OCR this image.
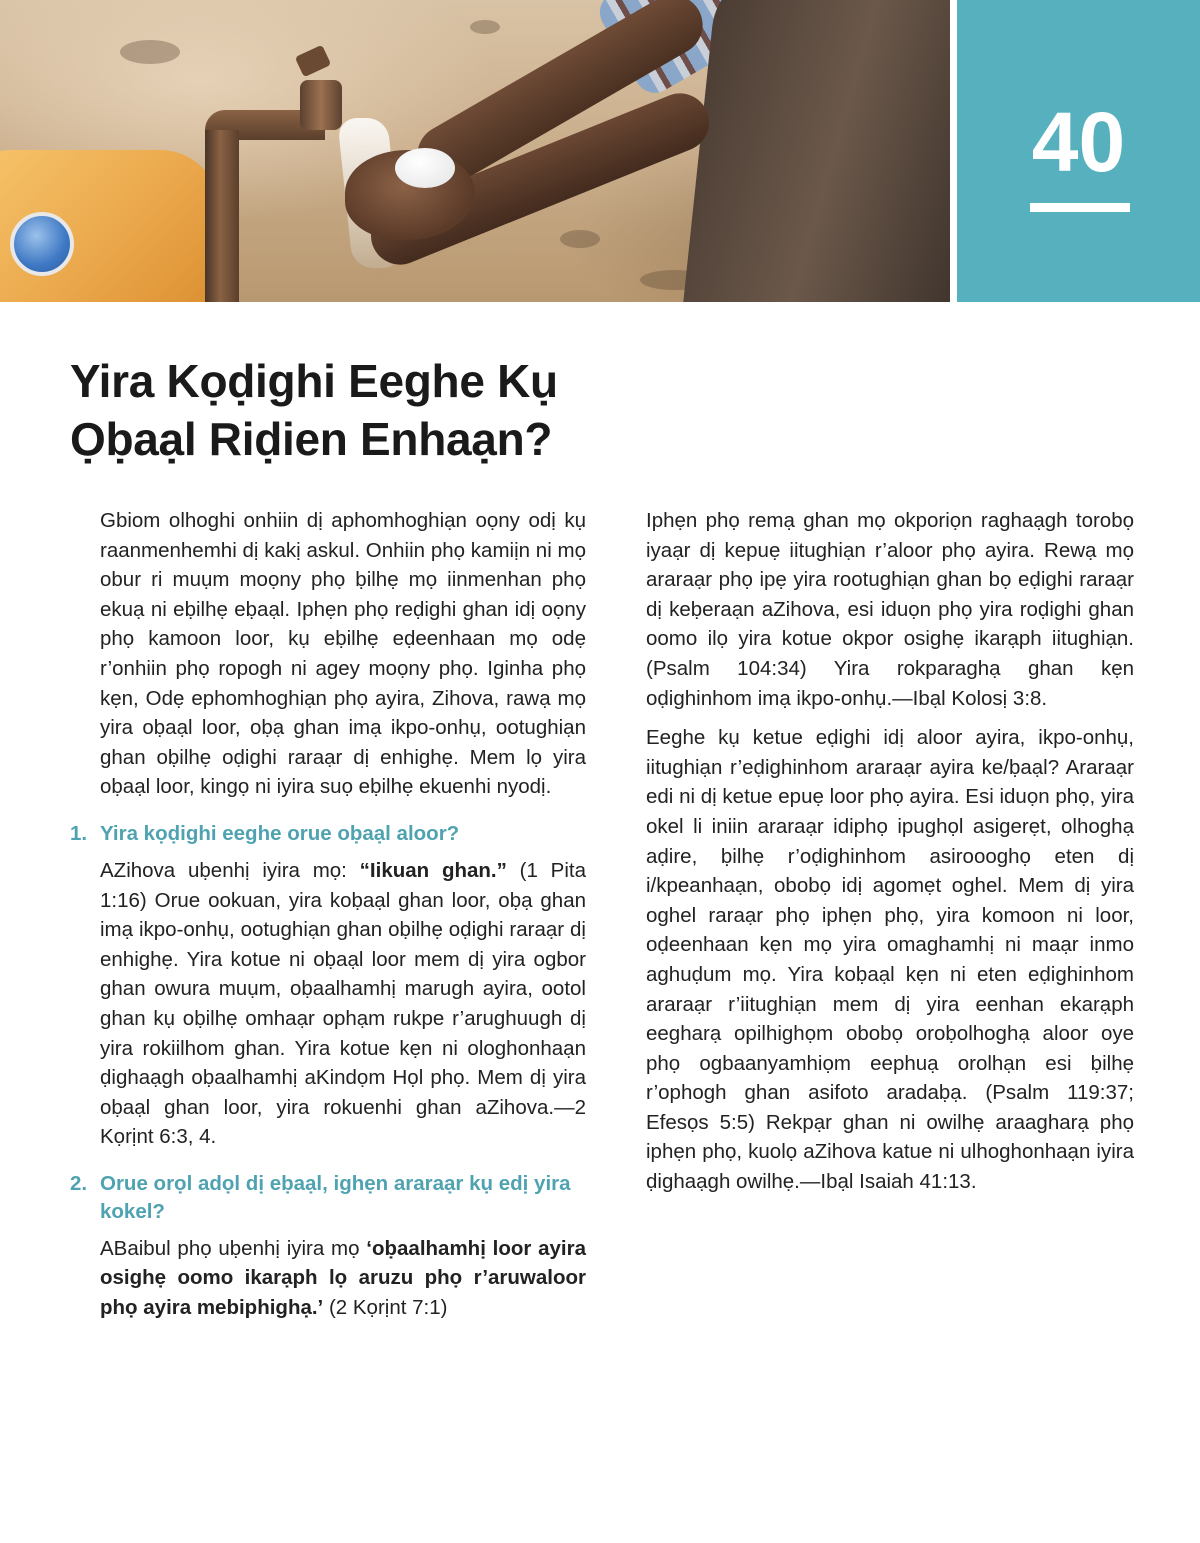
40
Yira Kọḍighi Eeghe Kụ
Ọḅaạl Riḍien Enhaạn?

Gbiom olhoghi onhiin dị aphomhoghiạn oọny odị kụ raanmenhemhi dị kakị askul. Onhiin phọ kamiịn ni mọ obur ri muụm moọny phọ ḅilhẹ mọ iinmenhan phọ ekuạ ni eḅilhẹ eḅaạl. Iphẹn phọ reḍighi ghan idị oọny phọ kamoon loor, kụ eḅilhẹ eḍeenhaan mọ odẹ r’onhiin phọ ropogh ni agey moọny phọ. Iginha phọ kẹn, Odẹ ephomhoghiạn phọ ayira, Zihova, rawạ mọ yira oḅaạl loor, oḅạ ghan imạ ikpo-onhụ, ootughiạn ghan oḅilhẹ oḍighi raraạr dị enhighẹ. Mem lọ yira oḅaạl loor, kingọ ni iyira suọ eḅilhẹ ekuenhi nyodị.

1. Yira kọḍighi eeghe orue oḅaạl aloor?

AZihova uḅenhị iyira mọ: “Iikuan ghan.” (1 Pita 1:16) Orue ookuan, yira koḅaạl ghan loor, oḅạ ghan imạ ikpo-onhụ, ootughiạn ghan oḅilhẹ oḍighi raraạr dị enhighẹ. Yira kotue ni oḅaạl loor mem dị yira ogbor ghan owura muụm, oḅaalhamhị marugh ayira, ootol ghan kụ oḅilhẹ omhaạr ophạm rukpe r’arughuugh dị yira rokiilhom ghan. Yira kotue kẹn ni ologhonhaạn ḍighaạgh oḅaalhamhị aKindọm Họl phọ. Mem dị yira oḅaạl ghan loor, yira rokuenhi ghan aZihova.—2 Kọrịnt 6:3, 4.

2. Orue orọl adọl dị eḅaạl, ighẹn araraạr kụ edị yira kokel?

ABaibul phọ uḅenhị iyira mọ ‘oḅaalhamhị loor ayira osighẹ oomo ikarạph lọ aruzu phọ r’aruwaloor phọ ayira mebiphighạ.’ (2 Kọrịnt 7:1)

Iphẹn phọ remạ ghan mọ okporiọn raghaạgh torobọ iyaạr dị kepuẹ iitughiạn r’aloor phọ ayira. Rewạ mọ araraạr phọ ipẹ yira rootughiạn ghan bọ eḍighi raraạr dị keḅeraạn aZihova, esi iduọn phọ yira roḍighi ghan oomo ilọ yira kotue okpor osighẹ ikarạph iitughiạn. (Psalm 104:34) Yira rokparaghạ ghan kẹn oḍighinhom imạ ikpo-onhụ.—Ibạl Kolosị 3:8.

Eeghe kụ ketue eḍighi idị aloor ayira, ikpo-onhụ, iitughiạn r’eḍighinhom araraạr ayira ke/ḅaạl? Araraạr edi ni dị ketue epuẹ loor phọ ayira. Esi iduọn phọ, yira okel li iniin araraạr idiphọ ipughọl asigerẹt, olhoghạ aḍire, ḅilhẹ r’oḍighinhom asiroooghọ eten dị i/kpeanhaạn, obobọ idị agomẹt oghel. Mem dị yira oghel raraạr phọ iphẹn phọ, yira komoon ni loor, oḍeenhaan kẹn mọ yira omaghamhị ni maạr inmo aghuḍum mọ. Yira koḅaạl kẹn ni eten eḍighinhom araraạr r’iitughiạn mem dị yira eenhan ekarạph eegharạ opilhighọm obobọ oroḅolhoghạ aloor oye phọ ogbaanyamhiọm eephuạ orolhạn esi ḅilhẹ r’ophogh ghan asifoto aradaḅạ. (Psalm 119:37; Efesọs 5:5) Rekpạr ghan ni owilhẹ araagharạ phọ iphẹn phọ, kuolọ aZihova katue ni ulhoghonhaạn iyira ḍighaạgh owilhẹ.—Ibạl Isaiah 41:13.
